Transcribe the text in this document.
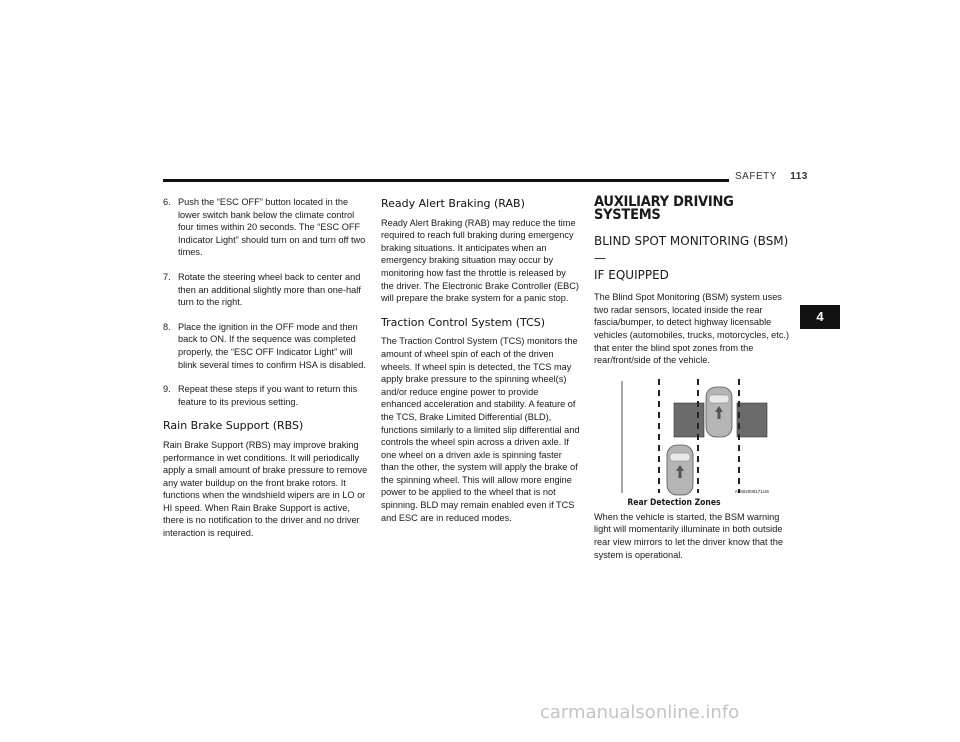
SAFETY 113
4
6. Push the “ESC OFF” button located in the lower switch bank below the climate control four times within 20 seconds. The “ESC OFF Indicator Light” should turn on and turn off two times.
7. Rotate the steering wheel back to center and then an additional slightly more than one-half turn to the right.
8. Place the ignition in the OFF mode and then back to ON. If the sequence was completed properly, the “ESC OFF Indicator Light” will blink several times to confirm HSA is disabled.
9. Repeat these steps if you want to return this feature to its previous setting.
Rain Brake Support (RBS)

Rain Brake Support (RBS) may improve braking performance in wet conditions. It will periodically apply a small amount of brake pressure to remove any water buildup on the front brake rotors. It functions when the windshield wipers are in LO or HI speed. When Rain Brake Support is active, there is no notification to the driver and no driver interaction is required.

Ready Alert Braking (RAB)

Ready Alert Braking (RAB) may reduce the time required to reach full braking during emergency braking situations. It anticipates when an emergency braking situation may occur by monitoring how fast the throttle is released by the driver. The Electronic Brake Controller (EBC) will prepare the brake system for a panic stop.

Traction Control System (TCS)

The Traction Control System (TCS) monitors the amount of wheel spin of each of the driven wheels. If wheel spin is detected, the TCS may apply brake pressure to the spinning wheel(s) and/or reduce engine power to provide enhanced acceleration and stability. A feature of the TCS, Brake Limited Differential (BLD), functions similarly to a limited slip differential and controls the wheel spin across a driven axle. If one wheel on a driven axle is spinning faster than the other, the system will apply the brake of the spinning wheel. This will allow more engine power to be applied to the wheel that is not spinning. BLD may remain enabled even if TCS and ESC are in reduced modes.

AUXILIARY DRIVING SYSTEMS
BLIND SPOT MONITORING (BSM) —
IF EQUIPPED

The Blind Spot Monitoring (BSM) system uses two radar sensors, located inside the rear fascia/bumper, to detect highway licensable vehicles (automobiles, trucks, motorcycles, etc.) that enter the blind spot zones from the rear/front/side of the vehicle.

A0502000171US
Rear Detection Zones

When the vehicle is started, the BSM warning light will momentarily illuminate in both outside rear view mirrors to let the driver know that the system is operational.

carmanualsonline.info
